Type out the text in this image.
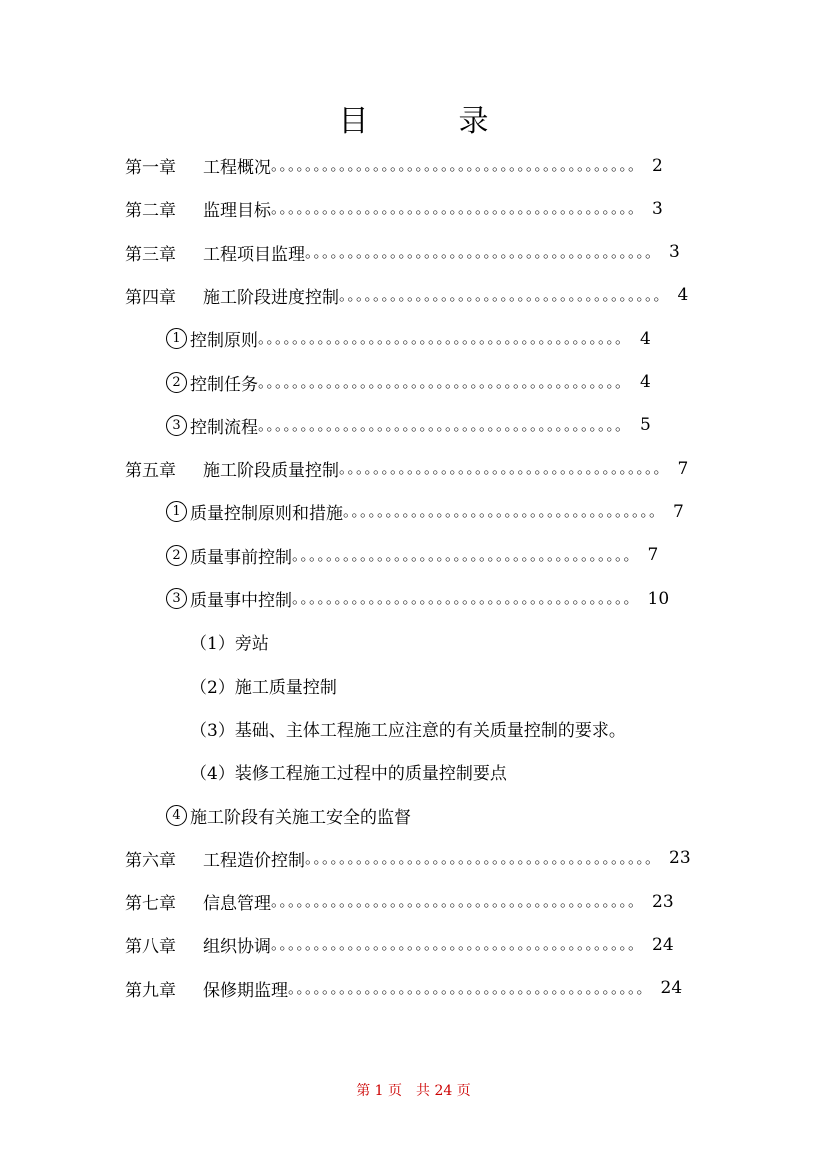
目　录
第一章	工程概况 。。。。。。。。。。。。。。。。。。。。。。。。。。。。。。。。。。。。。。。。。。。 2
第二章	监理目标 。。。。。。。。。。。。。。。。。。。。。。。。。。。。。。。。。。。。。。。。。。。 3
第三章	工程项目监理 。。。。。。。。。。。。。。。。。。。。。。。。。。。。。。。。。。。。。。。。。 3
第四章	施工阶段进度控制 。。。。。。。。。。。。。。。。。。。。。。。。。。。。。。。。。。。。。。 4
1 控制原则 。。。。。。。。。。。。。。。。。。。。。。。。。。。。。。。。。。。。。。。。。。。 4
2 控制任务 。。。。。。。。。。。。。。。。。。。。。。。。。。。。。。。。。。。。。。。。。。。 4
3 控制流程 。。。。。。。。。。。。。。。。。。。。。。。。。。。。。。。。。。。。。。。。。。。 5
第五章	施工阶段质量控制 。。。。。。。。。。。。。。。。。。。。。。。。。。。。。。。。。。。。。。 7
1 质量控制原则和措施 。。。。。。。。。。。。。。。。。。。。。。。。。。。。。。。。。。。。。 7
2 质量事前控制 。。。。。。。。。。。。。。。。。。。。。。。。。。。。。。。。。。。。。。。。 7
3 质量事中控制 。。。。。。。。。。。。。。。。。。。。。。。。。。。。。。。。。。。。。。。。 10
（1）旁站
（2）施工质量控制
（3）基础、主体工程施工应注意的有关质量控制的要求。
（4）装修工程施工过程中的质量控制要点
4 施工阶段有关施工安全的监督
第六章	工程造价控制 。。。。。。。。。。。。。。。。。。。。。。。。。。。。。。。。。。。。。。。。。 23
第七章	信息管理 。。。。。。。。。。。。。。。。。。。。。。。。。。。。。。。。。。。。。。。。。。。 23
第八章	组织协调 。。。。。。。。。。。。。。。。。。。。。。。。。。。。。。。。。。。。。。。。。。。 24
第九章	保修期监理 。。。。。。。。。。。。。。。。。。。。。。。。。。。。。。。。。。。。。。。。。。 24
第 1 页　共 24 页
